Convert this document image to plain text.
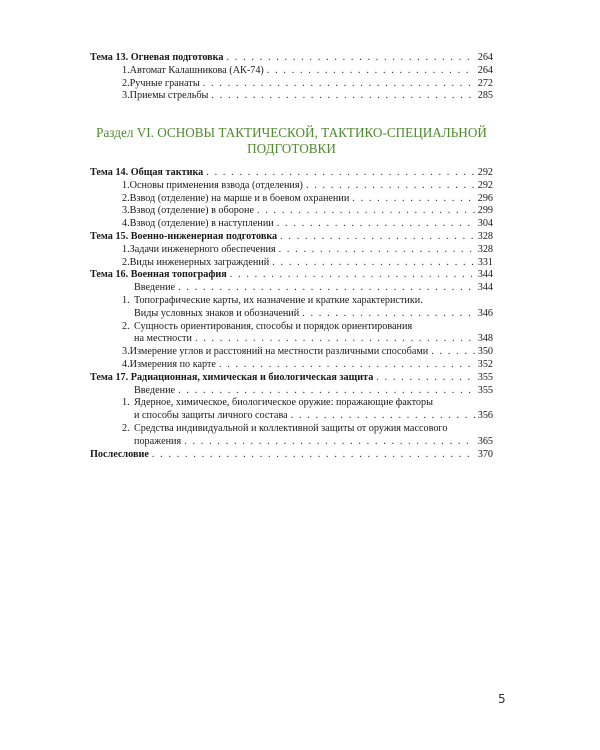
Тема 13. Огневая подготовка . . .	264
1. Автомат Калашникова (АК-74) . . .	264
2. Ручные гранаты . . .	272
3. Приемы стрельбы . . .	285
Раздел VI. ОСНОВЫ ТАКТИЧЕСКОЙ, ТАКТИКО-СПЕЦИАЛЬНОЙ
ПОДГОТОВКИ
Тема 14. Общая тактика . . .	292
1. Основы применения взвода (отделения) . . .	292
2. Взвод (отделение) на марше и в боевом охранении . . .	296
3. Взвод (отделение) в обороне . . .	299
4. Взвод (отделение) в наступлении . . .	304
Тема 15. Военно-инженерная подготовка . . .	328
1. Задачи инженерного обеспечения . . .	328
2. Виды инженерных заграждений . . .	331
Тема 16. Военная топография . . .	344
Введение . . .	344
1. Топографические карты, их назначение и краткие характеристики.
Виды условных знаков и обозначений . . .	346
2. Сущность ориентирования, способы и порядок ориентирования
на местности . . .	348
3. Измерение углов и расстояний на местности различными способами . . .	350
4. Измерения по карте . . .	352
Тема 17. Радиационная, химическая и биологическая защита . . .	355
Введение . . .	355
1. Ядерное, химическое, биологическое оружие: поражающие факторы
и способы защиты личного состава . . .	356
2. Средства индивидуальной и коллективной защиты от оружия массового
поражения . . .	365
Послесловие . . .	370
5
